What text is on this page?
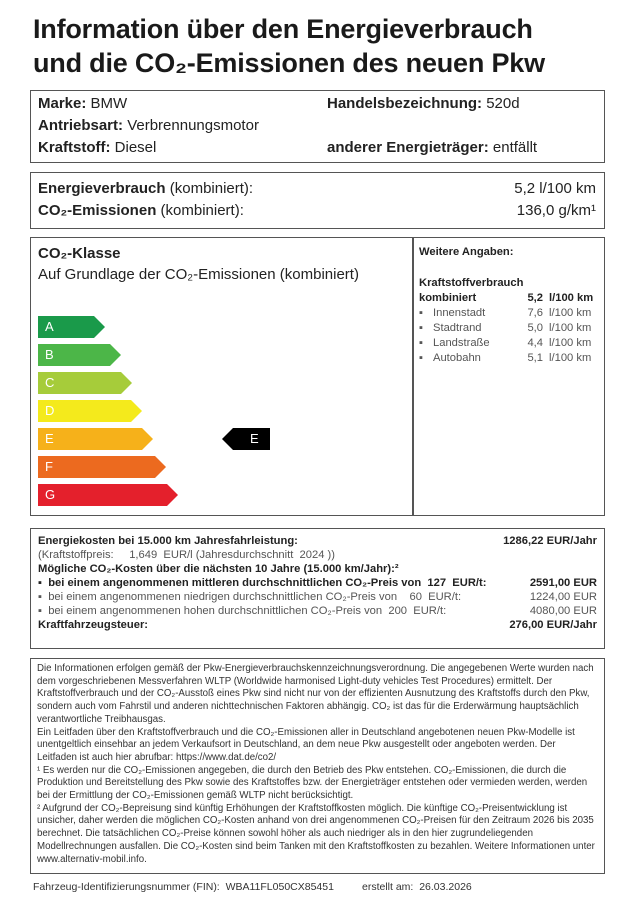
Information über den Energieverbrauch
und die CO₂-Emissionen des neuen Pkw
Marke: BMW	Handelsbezeichnung: 520d
Antriebsart: Verbrennungsmotor
Kraftstoff: Diesel	anderer Energieträger: entfällt
Energieverbrauch (kombiniert):	5,2 l/100 km
CO₂-Emissionen (kombiniert):	136,0 g/km¹
CO₂-Klasse
Auf Grundlage der CO₂-Emissionen (kombiniert)
Weitere Angaben:
Kraftstoffverbrauch
kombiniert	5,2 l/100 km
▪ Innenstadt	7,6 l/100 km
▪ Stadtrand	5,0 l/100 km
▪ Landstraße	4,4 l/100 km
▪ Autobahn	5,1 l/100 km
A
B
C
D
E
F
G
E
Energiekosten bei 15.000 km Jahresfahrleistung:	1286,22 EUR/Jahr
(Kraftstoffpreis:     1,649  EUR/l (Jahresdurchschnitt  2024 ))
Mögliche CO₂-Kosten über die nächsten 10 Jahre (15.000 km/Jahr):²
▪  bei einem angenommenen mittleren durchschnittlichen CO₂-Preis von  127  EUR/t:	2591,00 EUR
▪  bei einem angenommenen niedrigen durchschnittlichen CO₂-Preis von    60  EUR/t:	1224,00 EUR
▪  bei einem angenommenen hohen durchschnittlichen CO₂-Preis von  200  EUR/t:	4080,00 EUR
Kraftfahrzeugsteuer:	276,00 EUR/Jahr

Die Informationen erfolgen gemäß der Pkw-Energieverbrauchskennzeichnungsverordnung. Die angegebenen Werte wurden nach dem vorgeschriebenen Messverfahren WLTP (Worldwide harmonised Light-duty vehicles Test Procedures) ermittelt. Der Kraftstoffverbrauch und der CO₂-Ausstoß eines Pkw sind nicht nur von der effizienten Ausnutzung des Kraftstoffs durch den Pkw, sondern auch vom Fahrstil und anderen nichttechnischen Faktoren abhängig. CO₂ ist das für die Erderwärmung hauptsächlich verantwortliche Treibhausgas.

Ein Leitfaden über den Kraftstoffverbrauch und die CO₂-Emissionen aller in Deutschland angebotenen neuen Pkw-Modelle ist unentgeltlich einsehbar an jedem Verkaufsort in Deutschland, an dem neue Pkw ausgestellt oder angeboten werden. Der Leitfaden ist auch hier abrufbar: https://www.dat.de/co2/

¹ Es werden nur die CO₂-Emissionen angegeben, die durch den Betrieb des Pkw entstehen. CO₂-Emissionen, die durch die Produktion und Bereitstellung des Pkw sowie des Kraftstoffes bzw. der Energieträger entstehen oder vermieden werden, werden bei der Ermittlung der CO₂-Emissionen gemäß WLTP nicht berücksichtigt.

² Aufgrund der CO₂-Bepreisung sind künftig Erhöhungen der Kraftstoffkosten möglich. Die künftige CO₂-Preisentwicklung ist unsicher, daher werden die möglichen CO₂-Kosten anhand von drei angenommenen CO₂-Preisen für den Zeitraum 2026 bis 2035 berechnet. Die tatsächlichen CO₂-Preise können sowohl höher als auch niedriger als in den hier zugrundeliegenden Modellrechnungen ausfallen. Die CO₂-Kosten sind beim Tanken mit den Kraftstoffkosten zu bezahlen. Weitere Informationen unter www.alternativ-mobil.info.

Fahrzeug-Identifizierungsnummer (FIN): WBA11FL050CX85451	erstellt am: 26.03.2026
